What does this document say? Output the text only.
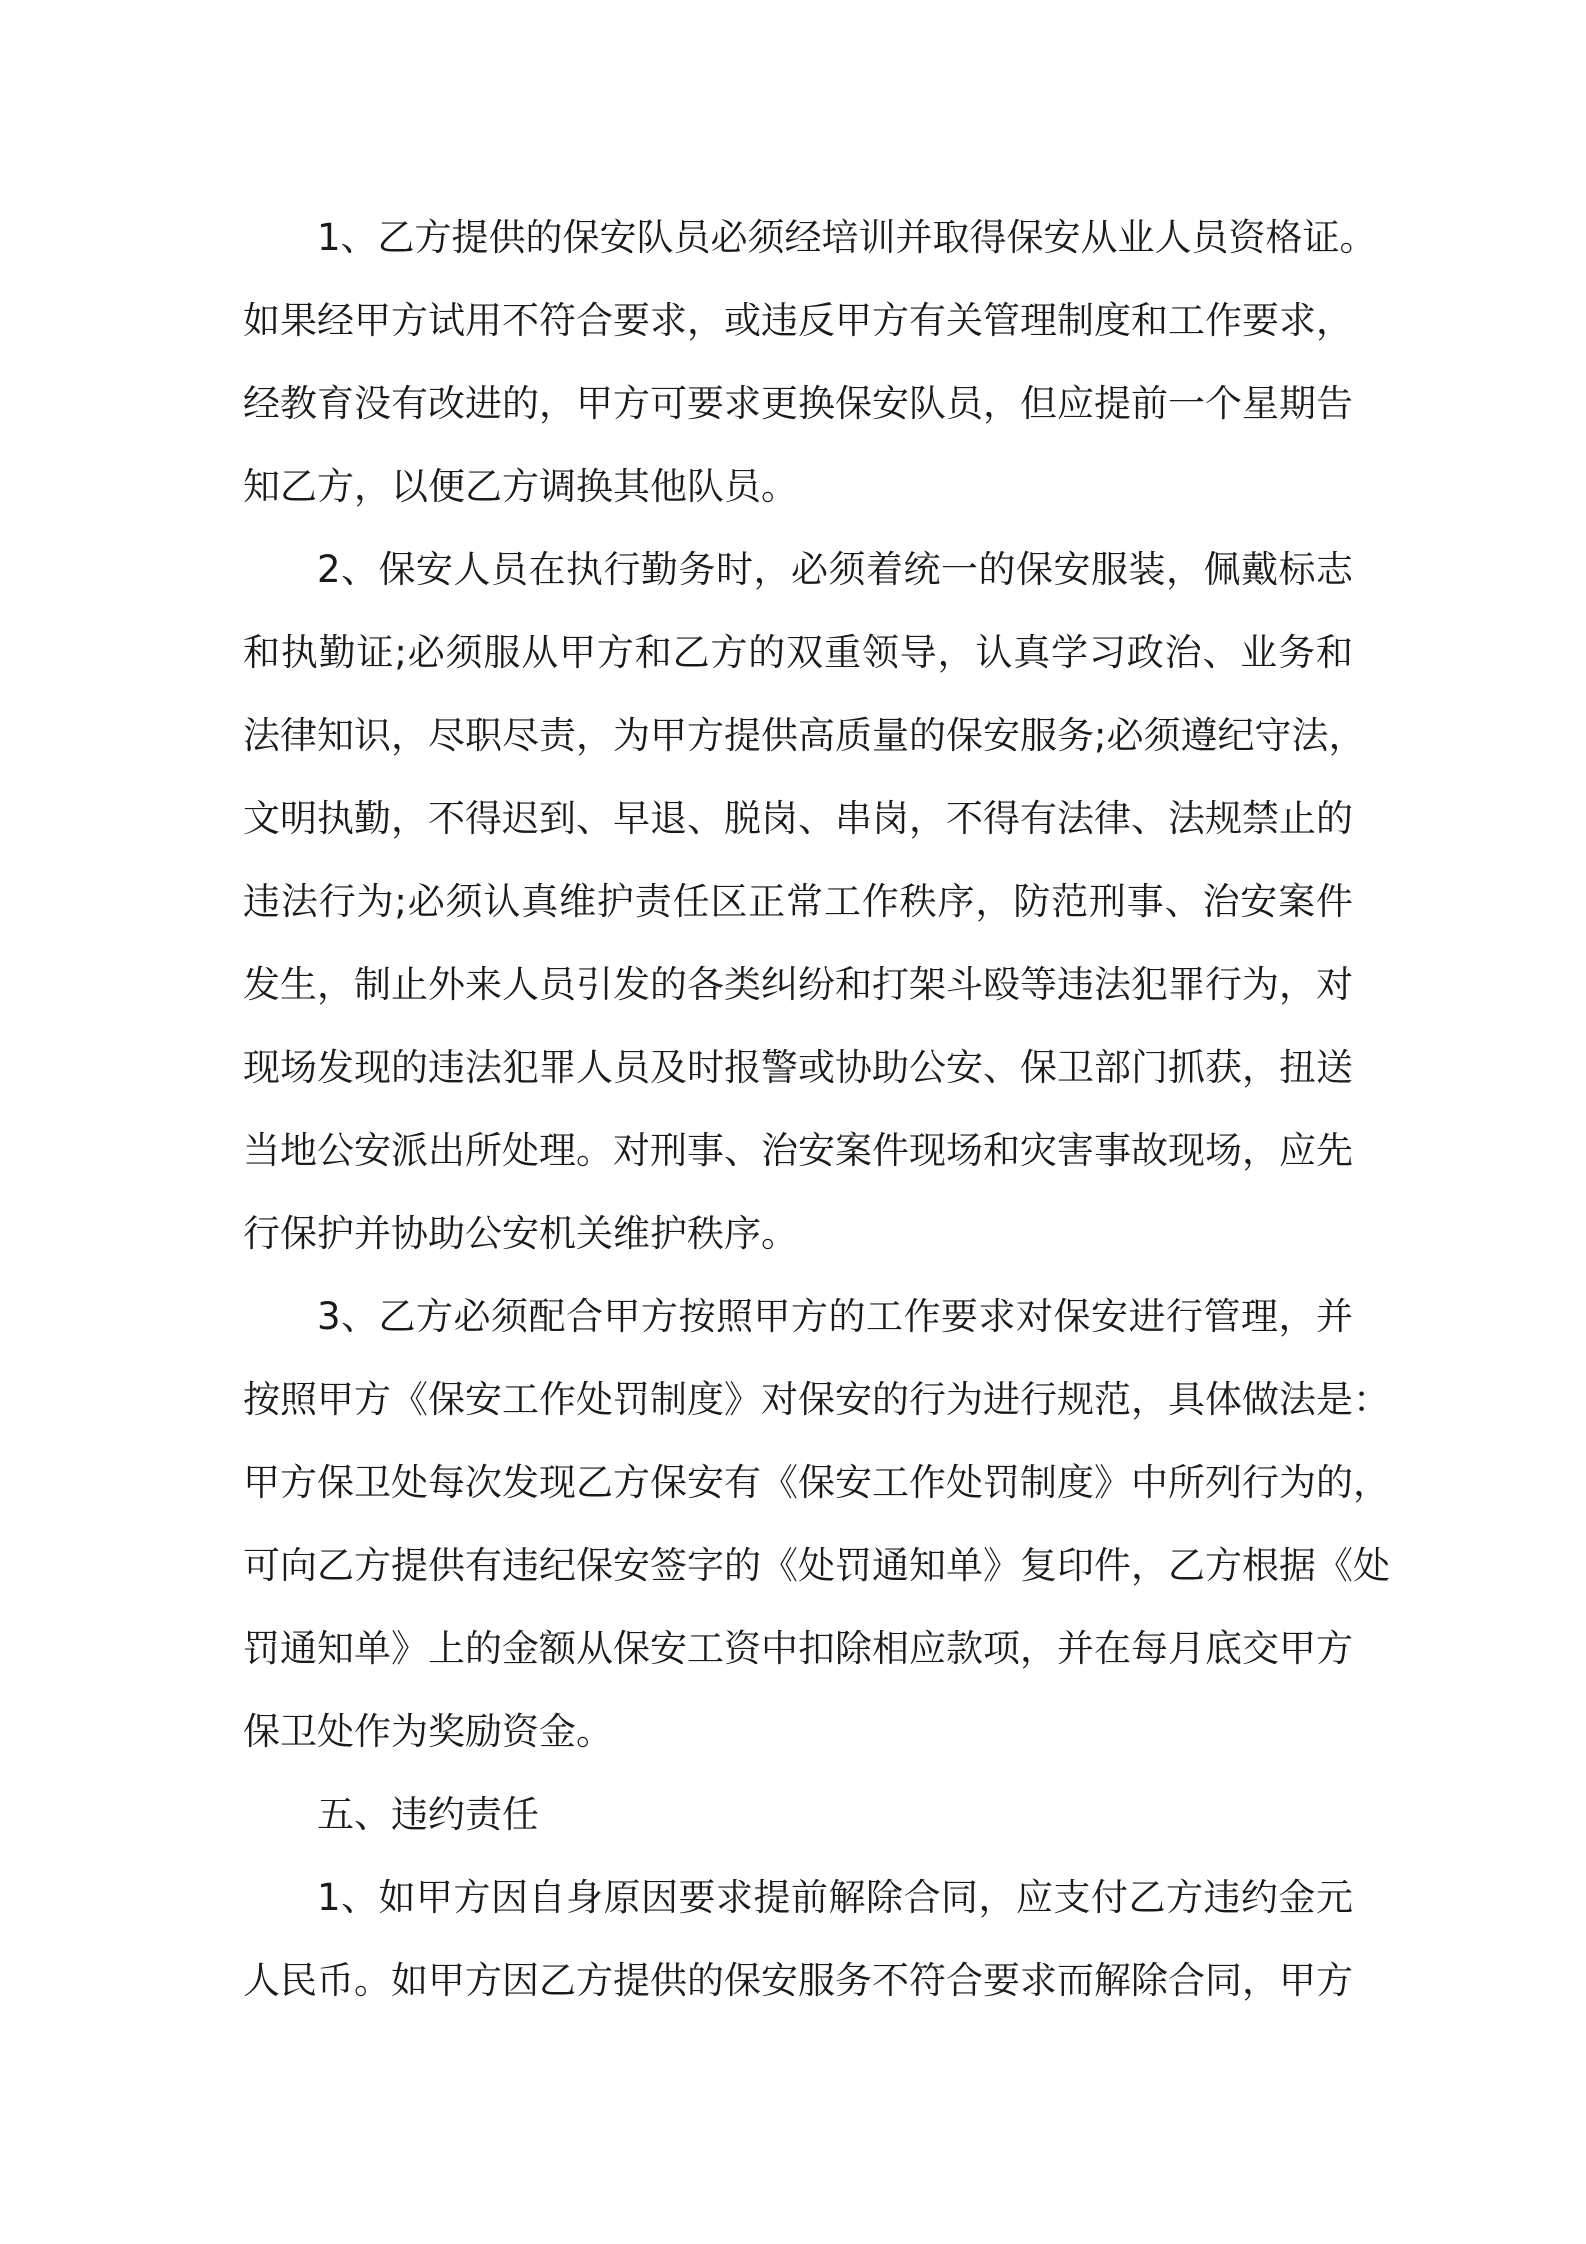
1、乙方提供的保安队员必须经培训并取得保安从业人员资格证。
如果经甲方试用不符合要求，或违反甲方有关管理制度和工作要求，
经教育没有改进的，甲方可要求更换保安队员，但应提前一个星期告
知乙方，以便乙方调换其他队员。
2、保安人员在执行勤务时，必须着统一的保安服装，佩戴标志
和执勤证;必须服从甲方和乙方的双重领导，认真学习政治、业务和
法律知识，尽职尽责，为甲方提供高质量的保安服务;必须遵纪守法，
文明执勤，不得迟到、早退、脱岗、串岗，不得有法律、法规禁止的
违法行为;必须认真维护责任区正常工作秩序，防范刑事、治安案件
发生，制止外来人员引发的各类纠纷和打架斗殴等违法犯罪行为，对
现场发现的违法犯罪人员及时报警或协助公安、保卫部门抓获，扭送
当地公安派出所处理。对刑事、治安案件现场和灾害事故现场，应先
行保护并协助公安机关维护秩序。
3、乙方必须配合甲方按照甲方的工作要求对保安进行管理，并
按照甲方《保安工作处罚制度》对保安的行为进行规范，具体做法是：
甲方保卫处每次发现乙方保安有《保安工作处罚制度》中所列行为的，
可向乙方提供有违纪保安签字的《处罚通知单》复印件，乙方根据《处
罚通知单》上的金额从保安工资中扣除相应款项，并在每月底交甲方
保卫处作为奖励资金。
五、违约责任
1、如甲方因自身原因要求提前解除合同，应支付乙方违约金元
人民币。如甲方因乙方提供的保安服务不符合要求而解除合同，甲方
